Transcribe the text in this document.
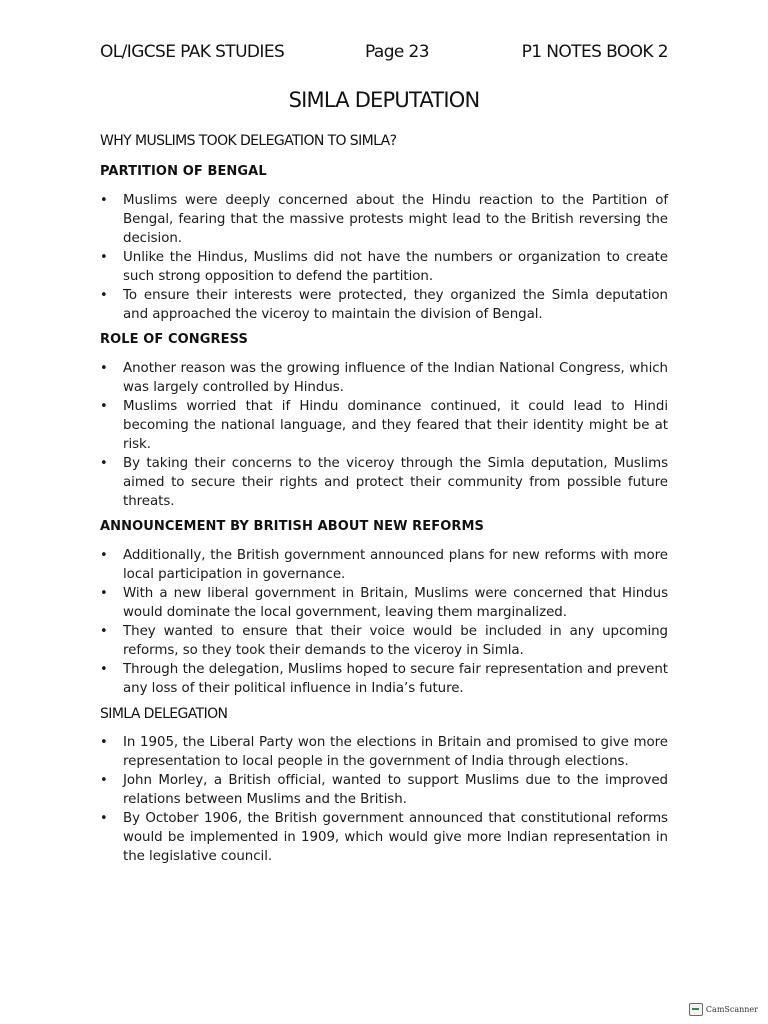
OL/IGCSE PAK STUDIES	Page 23	P1 NOTES BOOK 2
SIMLA DEPUTATION
WHY MUSLIMS TOOK DELEGATION TO SIMLA?
PARTITION OF BENGAL
• Muslims were deeply concerned about the Hindu reaction to the Partition of Bengal, fearing that the massive protests might lead to the British reversing the decision.
• Unlike the Hindus, Muslims did not have the numbers or organization to create such strong opposition to defend the partition.
• To ensure their interests were protected, they organized the Simla deputation and approached the viceroy to maintain the division of Bengal.
ROLE OF CONGRESS
• Another reason was the growing influence of the Indian National Congress, which was largely controlled by Hindus.
• Muslims worried that if Hindu dominance continued, it could lead to Hindi becoming the national language, and they feared that their identity might be at risk.
• By taking their concerns to the viceroy through the Simla deputation, Muslims aimed to secure their rights and protect their community from possible future threats.
ANNOUNCEMENT BY BRITISH ABOUT NEW REFORMS
• Additionally, the British government announced plans for new reforms with more local participation in governance.
• With a new liberal government in Britain, Muslims were concerned that Hindus would dominate the local government, leaving them marginalized.
• They wanted to ensure that their voice would be included in any upcoming reforms, so they took their demands to the viceroy in Simla.
• Through the delegation, Muslims hoped to secure fair representation and prevent any loss of their political influence in India’s future.
SIMLA DELEGATION
• In 1905, the Liberal Party won the elections in Britain and promised to give more representation to local people in the government of India through elections.
• John Morley, a British official, wanted to support Muslims due to the improved relations between Muslims and the British.
• By October 1906, the British government announced that constitutional reforms would be implemented in 1909, which would give more Indian representation in the legislative council.
CamScanner
